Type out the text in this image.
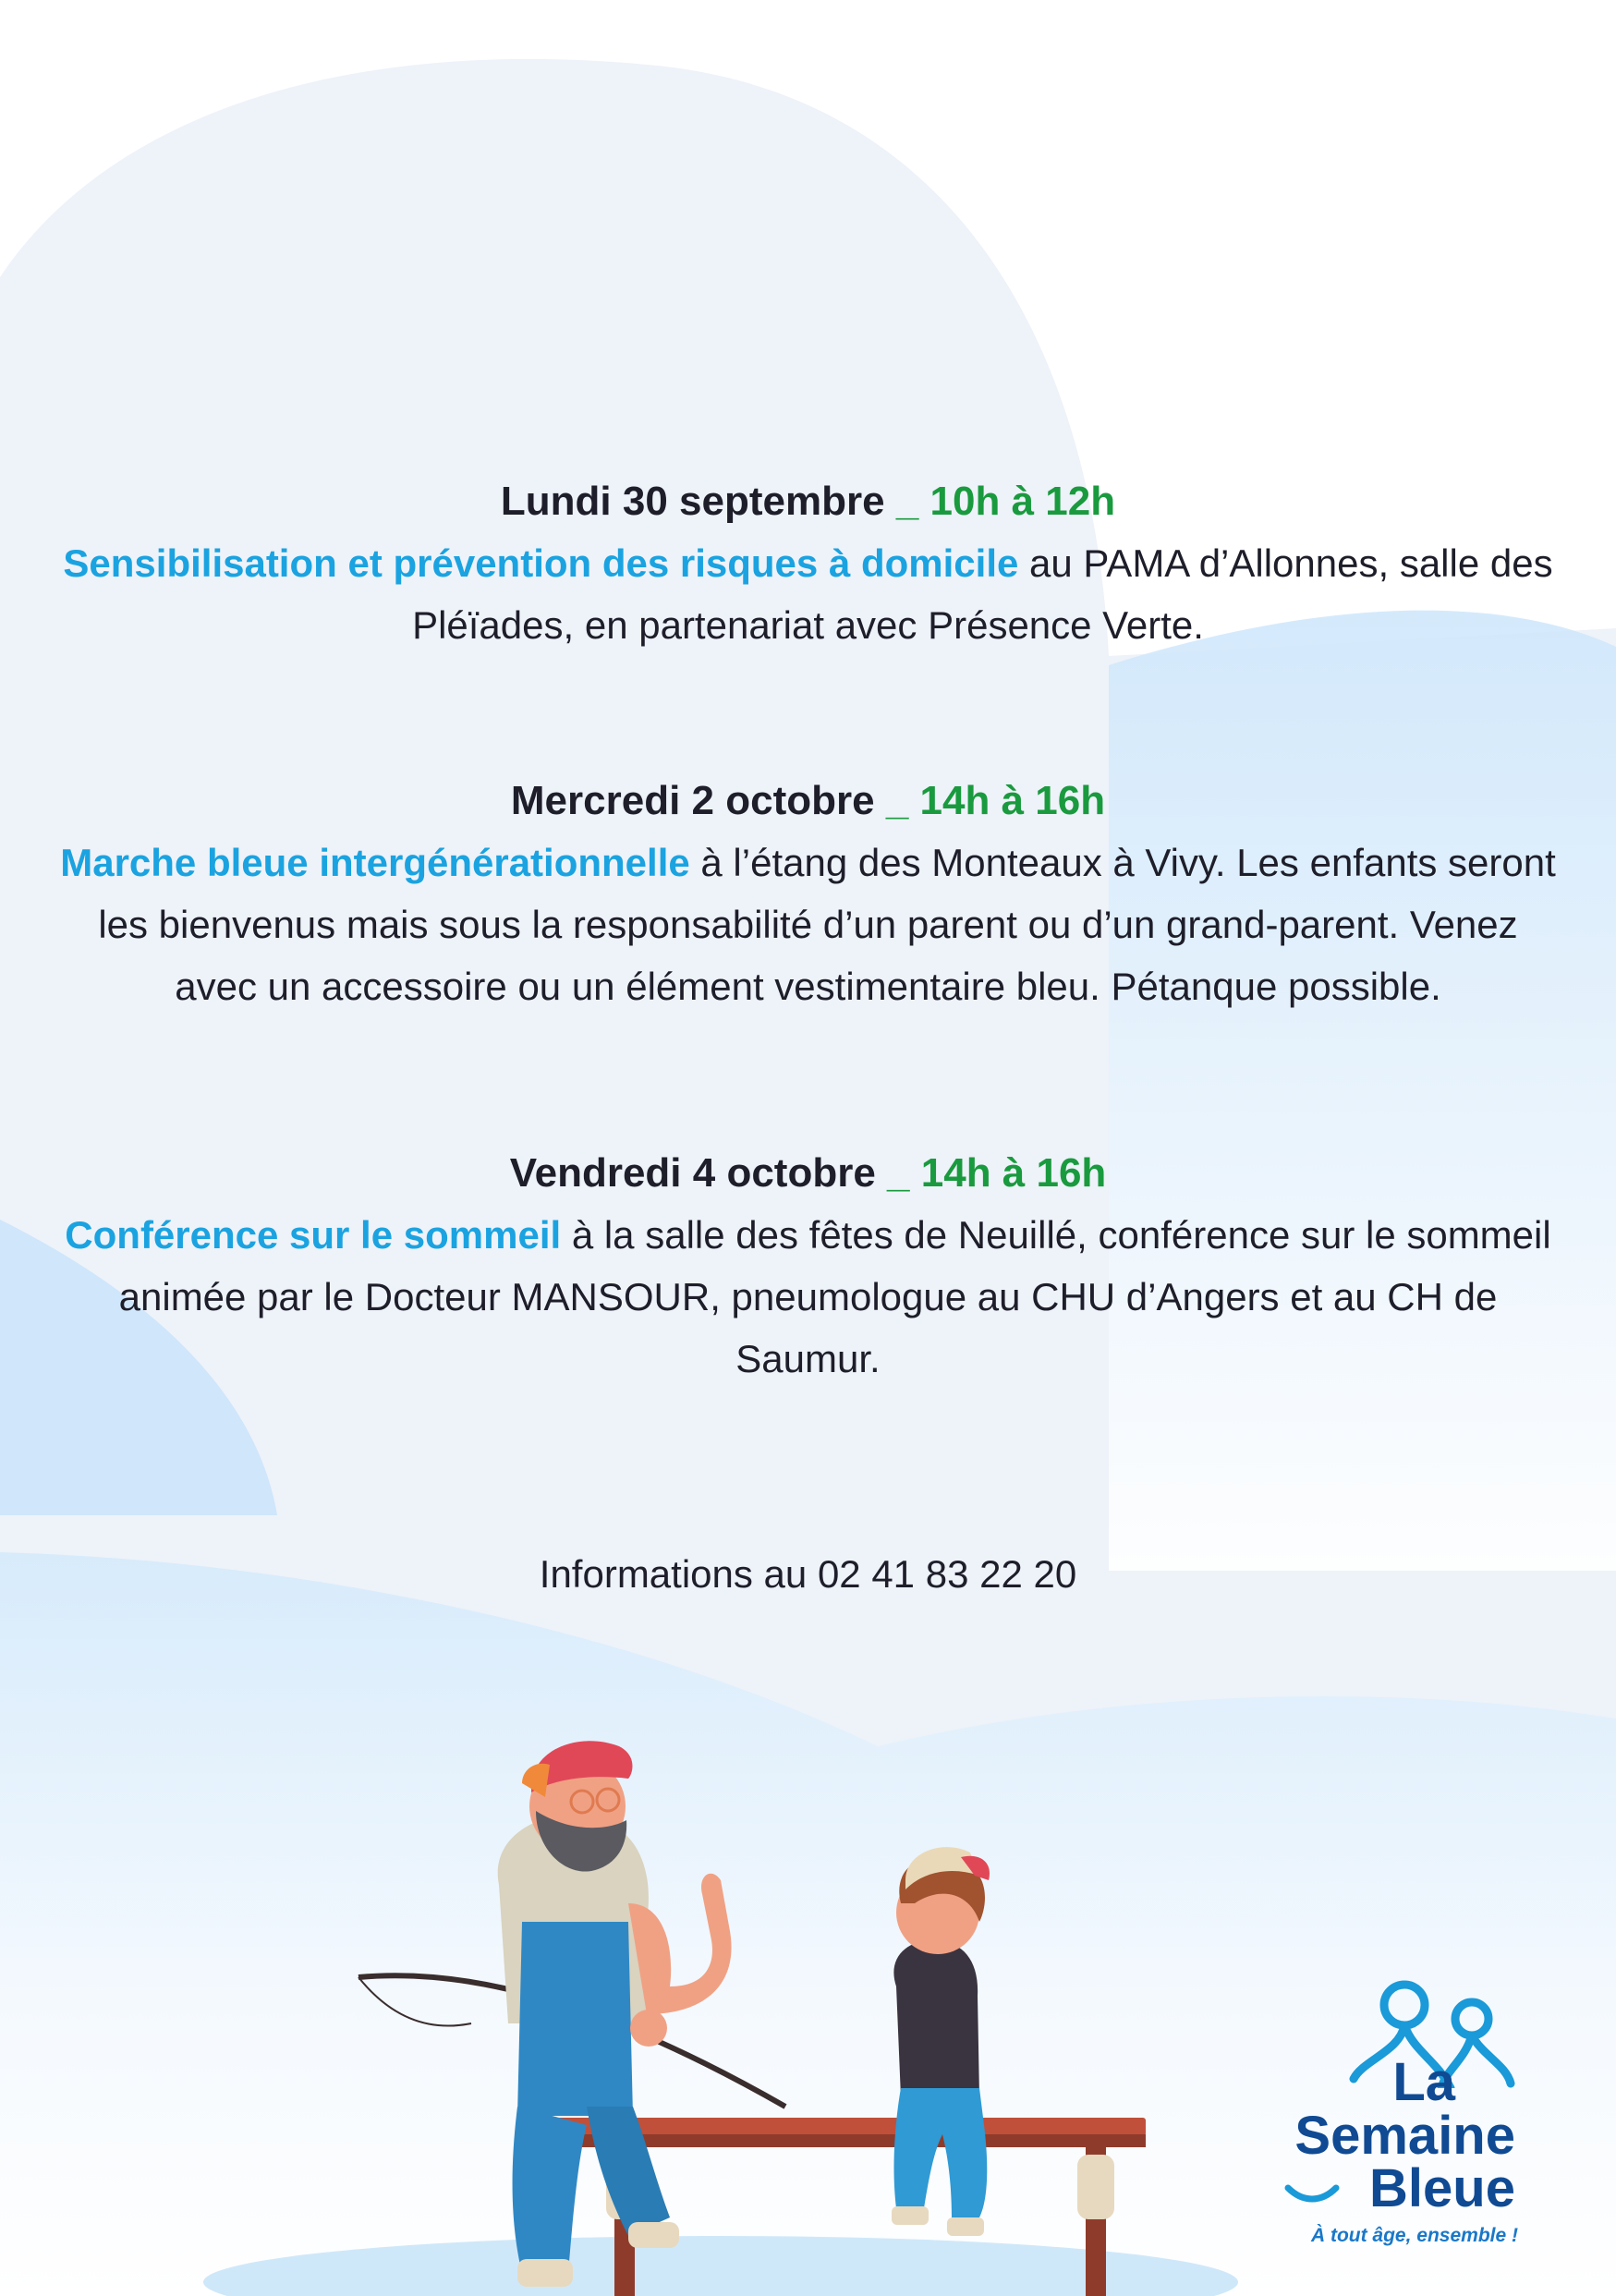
Lundi 30 septembre _ 10h à 12h
Sensibilisation et prévention des risques à domicile au PAMA d’Allonnes, salle des Pléïades, en partenariat avec Présence Verte.
Mercredi 2 octobre _ 14h à 16h
Marche bleue intergénérationnelle à l’étang des Monteaux à Vivy. Les enfants seront les bienvenus mais sous la responsabilité d’un parent ou d’un grand-parent. Venez avec un accessoire ou un élément vestimentaire bleu. Pétanque possible.
Vendredi 4 octobre _ 14h à 16h
Conférence sur le sommeil à la salle des fêtes de Neuillé, conférence sur le sommeil animée par le Docteur MANSOUR, pneumologue au CHU d’Angers et au CH de Saumur.
Informations au 02 41 83 22 20
La
Semaine
Bleue
À tout âge, ensemble !
